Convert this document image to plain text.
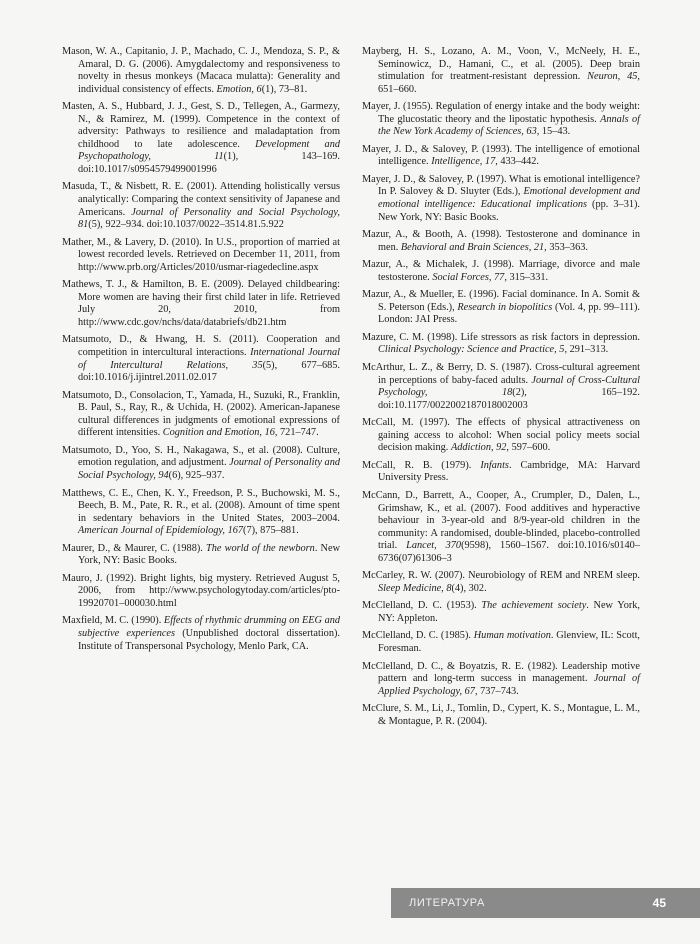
Mason, W. A., Capitanio, J. P., Machado, C. J., Mendoza, S. P., & Amaral, D. G. (2006). Amygdalectomy and responsiveness to novelty in rhesus monkeys (Macaca mulatta): Generality and individual consistency of effects. Emotion, 6(1), 73–81.

Masten, A. S., Hubbard, J. J., Gest, S. D., Tellegen, A., Garmezy, N., & Ramirez, M. (1999). Competence in the context of adversity: Pathways to resilience and maladaptation from childhood to late adolescence. Development and Psychopathology, 11(1), 143–169. doi:10.1017/s0954579499001996

Masuda, T., & Nisbett, R. E. (2001). Attending holistically versus analytically: Comparing the context sensitivity of Japanese and Americans. Journal of Personality and Social Psychology, 81(5), 922–934. doi:10.1037/0022–3514.81.5.922

Mather, M., & Lavery, D. (2010). In U.S., proportion of married at lowest recorded levels. Retrieved on December 11, 2011, from http://www.prb.org/Articles/2010/usmar-riagedecline.aspx

Mathews, T. J., & Hamilton, B. E. (2009). Delayed childbearing: More women are having their first child later in life. Retrieved July 20, 2010, from http://www.cdc.gov/nchs/data/databriefs/db21.htm

Matsumoto, D., & Hwang, H. S. (2011). Cooperation and competition in intercultural interactions. International Journal of Intercultural Relations, 35(5), 677–685. doi:10.1016/j.ijintrel.2011.02.017

Matsumoto, D., Consolacion, T., Yamada, H., Suzuki, R., Franklin, B. Paul, S., Ray, R., & Uchida, H. (2002). American-Japanese cultural differences in judgments of emotional expressions of different intensities. Cognition and Emotion, 16, 721–747.

Matsumoto, D., Yoo, S. H., Nakagawa, S., et al. (2008). Culture, emotion regulation, and adjustment. Journal of Personality and Social Psychology, 94(6), 925–937.

Matthews, C. E., Chen, K. Y., Freedson, P. S., Buchowski, M. S., Beech, B. M., Pate, R. R., et al. (2008). Amount of time spent in sedentary behaviors in the United States, 2003–2004. American Journal of Epidemiology, 167(7), 875–881.

Maurer, D., & Maurer, C. (1988). The world of the newborn. New York, NY: Basic Books.

Mauro, J. (1992). Bright lights, big mystery. Retrieved August 5, 2006, from http://www.psychologytoday.com/articles/pto-19920701–000030.html

Maxfield, M. C. (1990). Effects of rhythmic drumming on EEG and subjective experiences (Unpublished doctoral dissertation). Institute of Transpersonal Psychology, Menlo Park, CA.

Mayberg, H. S., Lozano, A. M., Voon, V., McNeely, H. E., Seminowicz, D., Hamani, C., et al. (2005). Deep brain stimulation for treatment-resistant depression. Neuron, 45, 651–660.

Mayer, J. (1955). Regulation of energy intake and the body weight: The glucostatic theory and the lipostatic hypothesis. Annals of the New York Academy of Sciences, 63, 15–43.

Mayer, J. D., & Salovey, P. (1993). The intelligence of emotional intelligence. Intelligence, 17, 433–442.

Mayer, J. D., & Salovey, P. (1997). What is emotional intelligence? In P. Salovey & D. Sluyter (Eds.), Emotional development and emotional intelligence: Educational implications (pp. 3–31). New York, NY: Basic Books.

Mazur, A., & Booth, A. (1998). Testosterone and dominance in men. Behavioral and Brain Sciences, 21, 353–363.

Mazur, A., & Michalek, J. (1998). Marriage, divorce and male testosterone. Social Forces, 77, 315–331.

Mazur, A., & Mueller, E. (1996). Facial dominance. In A. Somit & S. Peterson (Eds.), Research in biopolitics (Vol. 4, pp. 99–111). London: JAI Press.

Mazure, C. M. (1998). Life stressors as risk factors in depression. Clinical Psychology: Science and Practice, 5, 291–313.

McArthur, L. Z., & Berry, D. S. (1987). Cross-cultural agreement in perceptions of baby-faced adults. Journal of Cross-Cultural Psychology, 18(2), 165–192. doi:10.1177/0022002187018002003

McCall, M. (1997). The effects of physical attractiveness on gaining access to alcohol: When social policy meets social decision making. Addiction, 92, 597–600.

McCall, R. B. (1979). Infants. Cambridge, MA: Harvard University Press.

McCann, D., Barrett, A., Cooper, A., Crumpler, D., Dalen, L., Grimshaw, K., et al. (2007). Food additives and hyperactive behaviour in 3-year-old and 8/9-year-old children in the community: A randomised, double-blinded, placebo-controlled trial. Lancet, 370(9598), 1560–1567. doi:10.1016/s0140–6736(07)61306–3

McCarley, R. W. (2007). Neurobiology of REM and NREM sleep. Sleep Medicine, 8(4), 302.

McClelland, D. C. (1953). The achievement society. New York, NY: Appleton.

McClelland, D. C. (1985). Human motivation. Glenview, IL: Scott, Foresman.

McClelland, D. C., & Boyatzis, R. E. (1982). Leadership motive pattern and long-term success in management. Journal of Applied Psychology, 67, 737–743.

McClure, S. M., Li, J., Tomlin, D., Cypert, K. S., Montague, L. M., & Montague, P. R. (2004).

ЛИТЕРАТУРА	45
